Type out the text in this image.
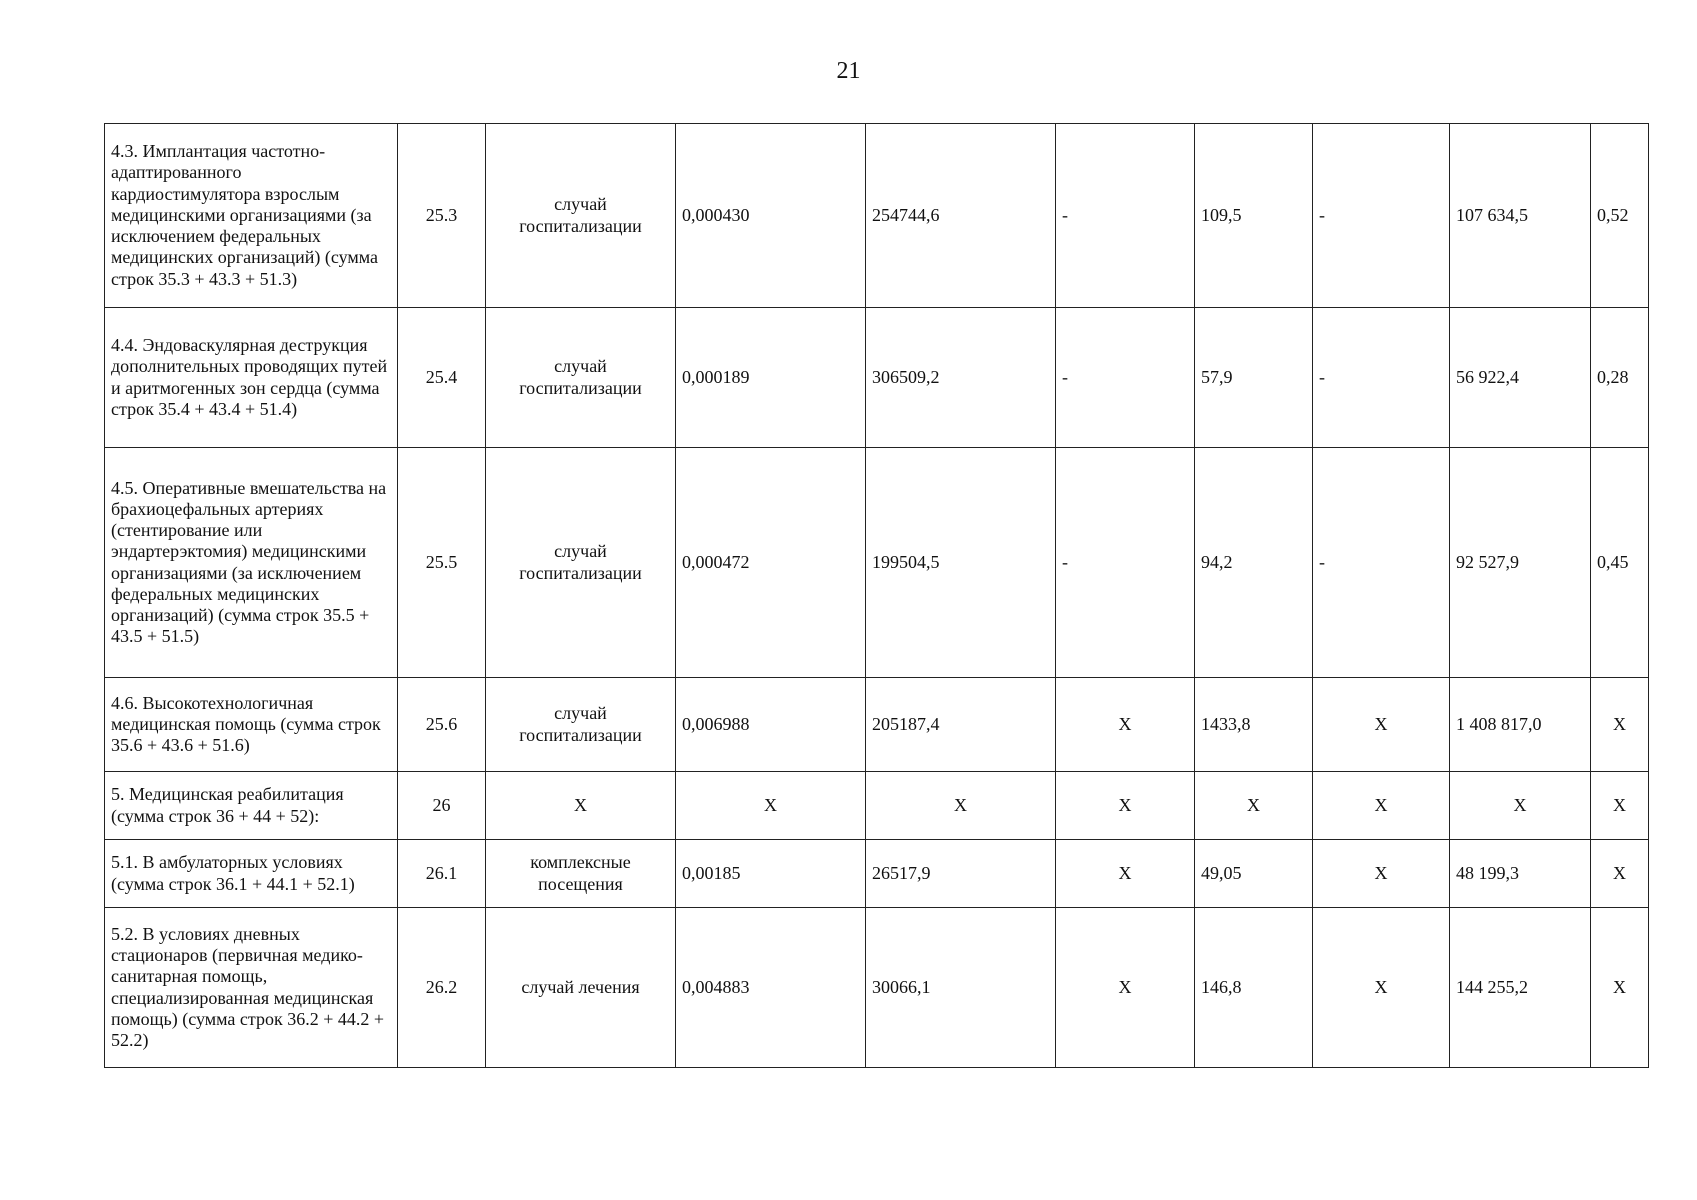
21
4.3. Имплантация частотно-адаптированного кардиостимулятора взрослым медицинскими организациями (за исключением федеральных медицинских организаций) (сумма строк 35.3 + 43.3 + 51.3)	25.3	случай госпитализации	0,000430	254744,6	-	109,5	-	107 634,5	0,52
4.4. Эндоваскулярная деструкция дополнительных проводящих путей и аритмогенных зон сердца (сумма строк 35.4 + 43.4 + 51.4)	25.4	случай госпитализации	0,000189	306509,2	-	57,9	-	56 922,4	0,28
4.5. Оперативные вмешательства на брахиоцефальных артериях (стентирование или эндартерэктомия) медицинскими организациями (за исключением федеральных медицинских организаций) (сумма строк 35.5 + 43.5 + 51.5)	25.5	случай госпитализации	0,000472	199504,5	-	94,2	-	92 527,9	0,45
4.6. Высокотехнологичная медицинская помощь (сумма строк 35.6 + 43.6 + 51.6)	25.6	случай госпитализации	0,006988	205187,4	X	1433,8	X	1 408 817,0	X
5. Медицинская реабилитация (сумма строк 36 + 44 + 52):	26	X	X	X	X	X	X	X	X
5.1. В амбулаторных условиях (сумма строк 36.1 + 44.1 + 52.1)	26.1	комплексные посещения	0,00185	26517,9	X	49,05	X	48 199,3	X
5.2. В условиях дневных стационаров (первичная медико-санитарная помощь, специализированная медицинская помощь) (сумма строк 36.2 + 44.2 + 52.2)	26.2	случай лечения	0,004883	30066,1	X	146,8	X	144 255,2	X
